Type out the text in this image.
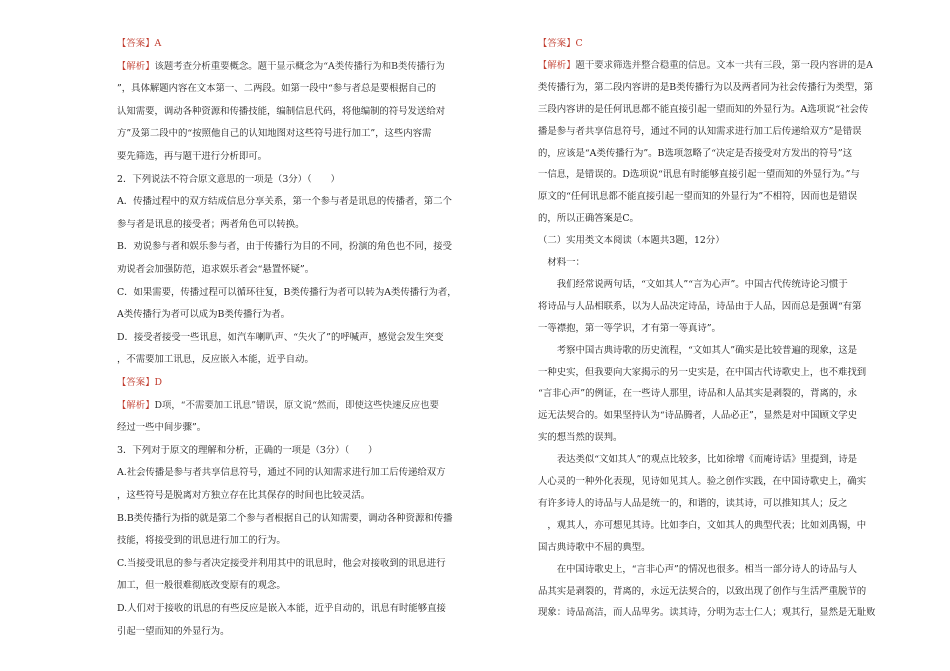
【答案】A
【解析】该题考查分析重要概念。题干显示概念为“A类传播行为和B类传播行为
”，具体解题内容在文本第一、二两段。如第一段中“参与者总是要根据自己的
认知需要，调动各种资源和传播技能，编制信息代码，将他编制的符号发送给对
方”及第二段中的“按照他自己的认知地图对这些符号进行加工”，这些内容需
要先筛选，再与题干进行分析即可。
2．下列说法不符合原文意思的一项是（3分）（　　）
A．传播过程中的双方结成信息分享关系，第一个参与者是讯息的传播者，第二个
参与者是讯息的接受者；两者角色可以转换。
B．劝说参与者和娱乐参与者，由于传播行为目的不同，扮演的角色也不同，接受
劝说者会加强防范，追求娱乐者会“悬置怀疑”。
C．如果需要，传播过程可以循环往复，B类传播行为者可以转为A类传播行为者，
A类传播行为者可以成为B类传播行为者。
D．接受者接受一些讯息，如汽车喇叭声、“失火了”的呼喊声，感觉会发生突变
，不需要加工讯息，反应嵌入本能，近乎自动。
【答案】D
【解析】D项，“不需要加工讯息”错误，原文说“然而，即使这些快速反应也要
经过一些中间步骤”。
3．下列对于原文的理解和分析，正确的一项是（3分）（　　）
A.社会传播是参与者共享信息符号，通过不同的认知需求进行加工后传递给双方
，这些符号是脱离对方独立存在比其保存的时间也比较灵活。
B.B类传播行为指的就是第二个参与者根据自己的认知需要，调动各种资源和传播
技能，将接受到的讯息进行加工的行为。
C.当接受讯息的参与者决定接受并利用其中的讯息时，他会对接收到的讯息进行
加工，但一般很难彻底改变原有的观念。
D.人们对于接收的讯息的有些反应是嵌入本能，近乎自动的，讯息有时能够直接
引起一望而知的外显行为。
【答案】C
【解析】题干要求筛选并整合稳重的信息。文本一共有三段，第一段内容讲的是A
类传播行为，第二段内容讲的是B类传播行为以及两者同为社会传播行为类型，第
三段内容讲的是任何讯息都不能直接引起一望而知的外显行为。A选项说“社会传
播是参与者共享信息符号，通过不同的认知需求进行加工后传递给双方”是错误
的，应该是“A类传播行为”。B选项忽略了“决定是否接受对方发出的符号”这
一信息，是错误的。D选项说“讯息有时能够直接引起一望而知的外显行为。”与
原文的“任何讯息都不能直接引起一望而知的外显行为”不相符，因而也是错误
的，所以正确答案是C。
（二）实用类文本阅读（本题共3题，12分）
　材料一：
　　我们经常说两句话，“文如其人”“言为心声”。中国古代传统诗论习惯于
将诗品与人品相联系，以为人品决定诗品，诗品由于人品，因而总是强调“有第
一等襟抱，第一等学识，才有第一等真诗”。
　　考察中国古典诗歌的历史流程，“文如其人”确实是比较普遍的现象，这是
一种史实，但我要向大家揭示的另一史实是，在中国古代诗歌史上，也不难找到
“言非心声”的例证，在一些诗人那里，诗品和人品其实是剥裂的，背离的，永
远无法契合的。如果坚持认为“诗品腾者，人品必正”，显然是对中国顾文学史
实的想当然的误判。
　　表达类似“文如其人”的观点比较多，比如徐增《而庵诗话》里提到，诗是
人心灵的一种外化表现，见诗如见其人。验之创作实践，在中国诗歌史上，确实
有许多诗人的诗品与人品是统一的，和谐的，读其诗，可以推知其人；反之
　，观其人，亦可想见其诗。比如李白，文如其人的典型代表；比如刘禹锡，中
国古典诗歌中不屈的典型。
　　在中国诗歌史上，“言非心声”的情况也很多。相当一部分诗人的诗品与人
品其实是剥裂的，背离的，永远无法契合的，以致出现了创作与生活严重脱节的
现象：诗品高洁，而人品卑劣。读其诗，分明为志士仁人；观其行，显然是无耻败
